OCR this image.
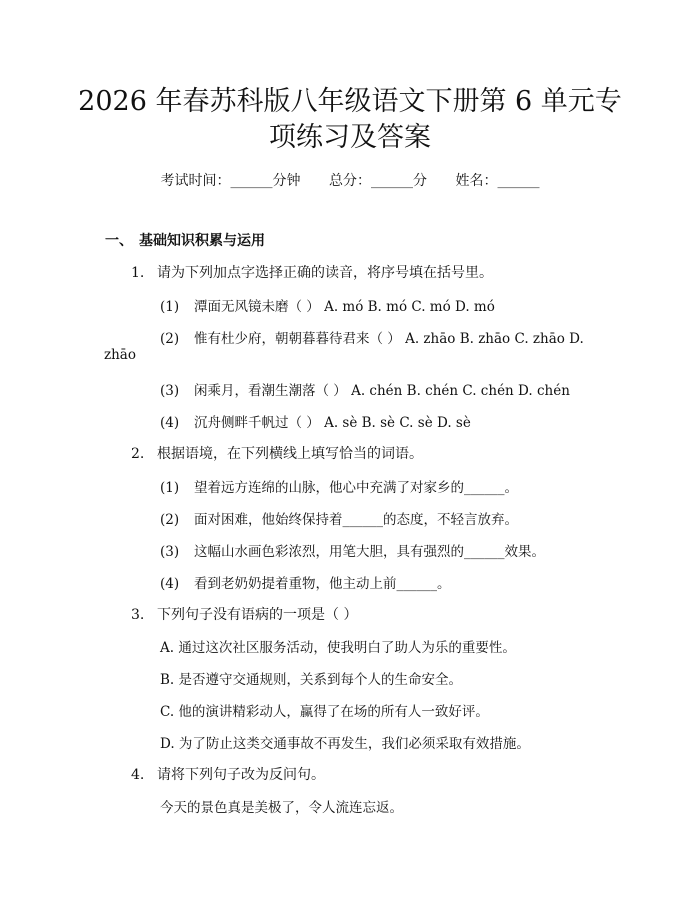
2026 年春苏科版八年级语文下册第 6 单元专
项练习及答案
考试时间：______分钟 总分：______分 姓名：______
一、 基础知识积累与运用
1. 请为下列加点字选择正确的读音，将序号填在括号里。
(1) 潭面无风镜未磨（ ） A. mó B. mó C. mó D. mó
(2) 惟有杜少府，朝朝暮暮待君来（ ） A. zhāo B. zhāo C. zhāo D.
zhāo
(3) 闲乘月，看潮生潮落（ ） A. chén B. chén C. chén D. chén
(4) 沉舟侧畔千帆过（ ） A. sè B. sè C. sè D. sè
2. 根据语境，在下列横线上填写恰当的词语。
(1) 望着远方连绵的山脉，他心中充满了对家乡的______。
(2) 面对困难，他始终保持着______的态度，不轻言放弃。
(3) 这幅山水画色彩浓烈，用笔大胆，具有强烈的______效果。
(4) 看到老奶奶提着重物，他主动上前______。
3. 下列句子没有语病的一项是（ ）
A. 通过这次社区服务活动，使我明白了助人为乐的重要性。
B. 是否遵守交通规则，关系到每个人的生命安全。
C. 他的演讲精彩动人，赢得了在场的所有人一致好评。
D. 为了防止这类交通事故不再发生，我们必须采取有效措施。
4. 请将下列句子改为反问句。
今天的景色真是美极了，令人流连忘返。
